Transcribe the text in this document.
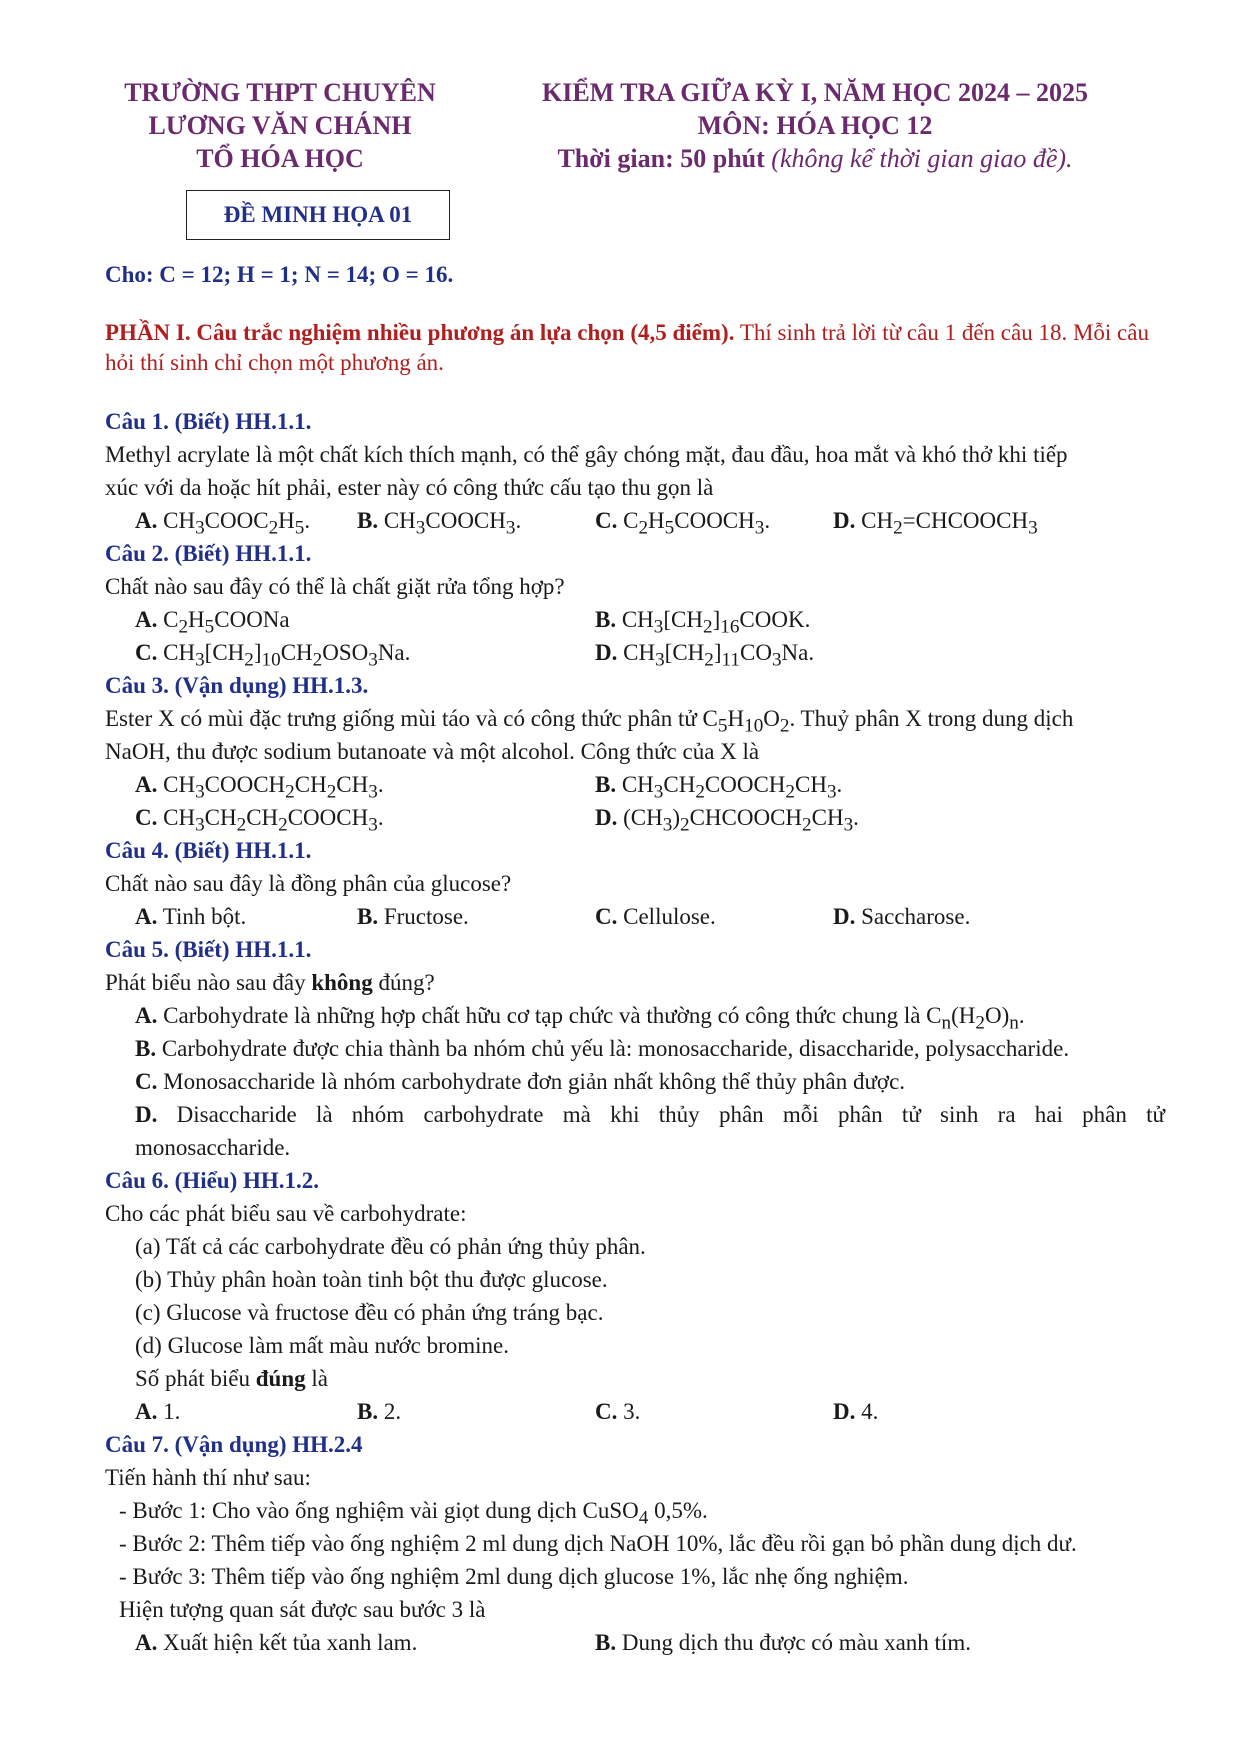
TRƯỜNG THPT CHUYÊN
LƯƠNG VĂN CHÁNH
TỔ HÓA HỌC
KIỂM TRA GIỮA KỲ I, NĂM HỌC 2024 – 2025
MÔN: HÓA HỌC 12
Thời gian: 50 phút (không kể thời gian giao đề).
ĐỀ MINH HỌA 01
Cho: C = 12; H = 1; N = 14; O = 16.
PHẦN I. Câu trắc nghiệm nhiều phương án lựa chọn (4,5 điểm). Thí sinh trả lời từ câu 1 đến câu 18. Mỗi câu hỏi thí sinh chỉ chọn một phương án.
Câu 1. (Biết) HH.1.1.
Methyl acrylate là một chất kích thích mạnh, có thể gây chóng mặt, đau đầu, hoa mắt và khó thở khi tiếp
xúc với da hoặc hít phải, ester này có công thức cấu tạo thu gọn là
A. $CH_3COOC_2H_5$. B. $CH_3COOCH_3$.	C. $C_2H_5COOCH_3$.	D. $CH_2=CHCOOCH_3$
Câu 2. (Biết) HH.1.1.
Chất nào sau đây có thể là chất giặt rửa tổng hợp?
A. $C_2H_5COONa$	B. $CH_3[CH_2]_{16}COOK$.
C. $CH_3[CH_2]_{10}CH_2OSO_3Na$.	D. $CH_3[CH_2]_{11}CO_3Na$.
Câu 3. (Vận dụng) HH.1.3.
Ester X có mùi đặc trưng giống mùi táo và có công thức phân tử $C_5H_{10}O_2$. Thuỷ phân X trong dung dịch
NaOH, thu được sodium butanoate và một alcohol. Công thức của X là
A. $CH_3COOCH_2CH_2CH_3$.	B. $CH_3CH_2COOCH_2CH_3$.
C. $CH_3CH_2CH_2COOCH_3$.	D. $(CH_3)_2CHCOOCH_2CH_3$.
Câu 4. (Biết) HH.1.1.
Chất nào sau đây là đồng phân của glucose?
A. Tinh bột.	B. Fructose.	C. Cellulose.	D. Saccharose.
Câu 5. (Biết) HH.1.1.
Phát biểu nào sau đây không đúng?
A. Carbohydrate là những hợp chất hữu cơ tạp chức và thường có công thức chung là $C_n(H_2O)_n$.
B. Carbohydrate được chia thành ba nhóm chủ yếu là: monosaccharide, disaccharide, polysaccharide.
C. Monosaccharide là nhóm carbohydrate đơn giản nhất không thể thủy phân được.
D. Disaccharide là nhóm carbohydrate mà khi thủy phân mỗi phân tử sinh ra hai phân tử
monosaccharide.
Câu 6. (Hiểu) HH.1.2.
Cho các phát biểu sau về carbohydrate:
(a) Tất cả các carbohydrate đều có phản ứng thủy phân.
(b) Thủy phân hoàn toàn tinh bột thu được glucose.
(c) Glucose và fructose đều có phản ứng tráng bạc.
(d) Glucose làm mất màu nước bromine.
Số phát biểu đúng là
A. 1.	B. 2.	C. 3.	D. 4.
Câu 7. (Vận dụng) HH.2.4
Tiến hành thí như sau:
- Bước 1: Cho vào ống nghiệm vài giọt dung dịch CuSO$_4$ 0,5%.
- Bước 2: Thêm tiếp vào ống nghiệm 2 ml dung dịch NaOH 10%, lắc đều rồi gạn bỏ phần dung dịch dư.
- Bước 3: Thêm tiếp vào ống nghiệm 2ml dung dịch glucose 1%, lắc nhẹ ống nghiệm.
Hiện tượng quan sát được sau bước 3 là
A. Xuất hiện kết tủa xanh lam.	B. Dung dịch thu được có màu xanh tím.
